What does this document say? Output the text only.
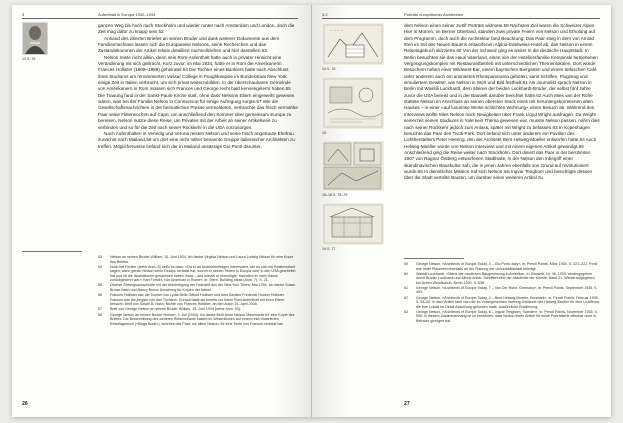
3	Aufenthalt in Europa 1932–1934
13 S. 76

ganzen Weg bis hoch nach Stockholm und wieder runter nach Amsterdam und London, doch die Zeit mag dafür zu knapp sein.52

Anhand des zitierten Briefes an seinen Bruder und dank weiterer Dokumente aus dem Familiennachlass lassen sich die Europareise Nelsons, seine Recherchen und das Zustandekommen der Artikel relativ detailliert nachvollziehen und hier darstellen.53

Nelson reiste nicht allein, denn sein Rom-Aufenthalt hatte auch in privater Hinsicht eine Veränderung mit sich gebracht. Kurz zuvor, im Mai 1934, hatte er in Rom die Amerikanerin Frances Hollister (1909–1989) geheiratet.54 Die Tochter eines Bankiers hatte nach Abschluss ihres Studiums am renommierten Vassar College in Poughkeepsie im Bundesstaat New York einige Zeit in Italien verbracht, um sich privat weiterzubilden. In der überschaubaren Gemeinde von Amerikanern in Rom müssen sich Frances und George recht bald kennengelernt haben.55 Die Trauung fand in der Sankt-Pauls-Kirche statt, ohne dass Nelsons Eltern eingeweiht gewesen wären, was bei der Familie Nelson in Connecticut für einige Aufregung sorgte.57 Wie die Gesellschaftsnachrichten in der heimatlichen Presse vermeldeten, verbrachte das frisch vermählte Paar seine Flitterwochen auf Capri, um anschließend den Sommer über gemeinsam Europa zu bereisen. Nelson nutzte diese Reise, um Privates mit der Arbeit an seiner Artikelserie zu verbinden und so für die Zeit nach seiner Rückkehr in die USA vorzusorgen.

Nach Aufenthalten in Venedig und Verona reisten Nelson und seine frisch angetraute Ehefrau zunächst nach Mailand,58 um dort eine nicht näher benannte Gruppe italienischer Architekten zu treffen. Möglicherweise befand sich der in Mailand ansässige Gio Ponti darunter,

53	Nelson an seinen Bruder William, 15. Juni 1934. Ich danke Virginia Nelson und Laura Ludwig Nelson für eine Kopie des Briefes.
54	Noch bei Forster (siehe Anm. 8) heißt es dazu: »Da er an Architekturfragen interessiert, wie es sich mit Bestimmtheit sagen, wann genau Nelson seine Essays verfasst hat, wovon er seinen Texten in Europa oder in den USA gearbeitet hat und ob die Illustrationen gesammelt haben muss – und wieviel er hinzufügte, nachdem er nach Hause zurückgekehrt war.« Karl Forster, »An American in Rome«, in: Stern, Building Ideas (Anm. 7), S. 21.
55	Diverse Zeitungsausschnitte mit der Ankündigung der Hochzeit aus der New York Times, Mai 1934. Ich danke Susan Brown Nash und Nancy Brown Armstrong für Kopien der Artikel.
56	Frances Hollister war die Tochter von Lydia Belle Gifford Hollister und dem Bankier Frederick Hooker Hollister. Frances war die jüngste von drei Töchtern. Europa hatte sie bereits vor ihrem Rom-Aufenthalt mit ihren Eltern besucht. Brief von Susan B. Nash, Nichte von Frances Hollister, an den Autor, 21. April 2008.
57	Brief von George Nelson an seinen Bruder William, 15. Juni 1934 (siehe Anm. 53).
58	George Nelson an seinen Bruder Norbert, 3. Juli [1934]. Ich danke Beth Anne Nelson Maserowitz für eine Kopie des Briefes. Die Beschreibung des weiteren Reiseverlaufs basiert im Wesentlichen auf einem reich illustrierten Reisetagebuch (»Blogs Book«), welches das Paar, vor allem Nelson, für eine Tante von Frances verfasst hat.
26
3.2	Porträts europäischer Architekten
~ ~ ~ ~
14 S. 76
15
16–18 S. 78–79
19 S. 77

dem Nelson einen seiner zwölf Porträts widmete.59 Nächstes Ziel waren die Schweizer Alpen. Hier in Mürren, im Berner Oberland, standen zwei private Feiern von Nelson und Erholung auf dem Programm, doch auch die Architektur fand Beachtung: Das Paar stieg in dem von Arnold Itten im Stil des Neuen Bauens entworfenen Alpina-Edelweiss-Hotel ab, das Nelson in einem Reisetagebuch skizzierte.60 Von der Schweiz ging es weiter in die deutsche Hauptstadt. In Berlin besuchten sie das Haus Vaterland, einen von der Hoteliersfamilie Kempinski betriebenen Vergnügungskomplex mit Restaurantbetrieb mit unterschiedlichen Themenlokalen. Dort wurde Besuchern neben einer Wildwest-Bar, einem bayrischen Biergarten und einem türkischen Café unter anderem auch ein animiertes Rheinpanorama geboten, samt Schiffen, Flugzeug und simuliertem Gewitter, wie Nelson in Wort und Bild festhielt.61 Als Journalist sprach Nelson in Berlin mit Wassili Luckhardt, dem älteren der beiden Luckhardt-Brüder, der selbst fünf Jahre zuvor die USA bereist und in der Bauwelt darüber berichtet hatte.62 Auch Mies van der Rohe stattete Nelson im Anschluss an seinen obersten Stock eines mit heruntergekommenen alten Hauses – in einer »auf luxuriöse Weise schlichten Wohnung« einen Besuch ab. Während des Interviews wollte Mies Nelson nach Neuigkeiten über Frank Lloyd Wright ausfragen. Da Wright seinerzeit seines Studiums in Yale kein Thema gewesen war, musste Nelson passen, nahm dies nach seiner Rückkehr jedoch zum Anlass, später mit Wright zu befassen.63 In Kopenhagen besuchte das Paar den Tivoli-Park. Dort befand sich unter anderem ein Pavillon des Lichtherstellers Peter Heering, den der Architekt Bent Helweg-Moeller entworfen hatte.64 Auch Helweg-Moeller wurde von Nelson interviewt und mit einem eigenen Artikel gewürdigt.65 Anschließend ging die Reise weiter nach Stockholm. Dort diniert das Paar in der berühmten 1907 von Ragnar Östberg entworfenen Stadthalle, in der Nelson den Inbegriff einer skandinavischen Bauskultur sah, die in jenen Jahren ebenfalls von Grund auf revolutioniert wurde.66 In dienstlicher Mission traf sich Nelson mit Ingvar Tengbom und besichtigte dessen über die Stadt verteilte Bauten, um darüber einen weiteren Artikel zu

59	George Nelson, »Architects of Europe Today, 4 – Gio Ponti, Italy«, in: Pencil Points, März 1935, S. 221–222. Ponti war unter Placentini ebenfalls an der Planung der Universitätsstadt beteiligt.
60	Wassili Luckhardt, »Stand der modernen Baugesinnung in Amerika«, in: Bauwelt, Nr. 46, 1929, wiedergegeben durch Brüder Luckhardt und Alfons Anker. Schriftenreihe der Akademie der Künste. Band 21. Wiederaufgegeben bei Achim Wendschuh, Berlin 1990, S. 63ff.
61	George Nelson, »Architects of Europe Today, 7 – Van Der Rohe, Germany«, in: Pencil Points, September 1935, S. 453.
62	George Nelson, »Architects of Europe Today, 2 – Bent Helweg-Moeller, Denmark«, in: Pencil Points, Februar 1935, S. 54–62. In dem Artikel fand sich der im Vorangehenden Heering-Gebäude des Helweg-Moeller für eine Lichtfirma, die ihre Lokale im Detail Asstellung gefunden hatte, ausführliche Erwähnung.
63	George Nelson, »Architects of Europe Today, 6 – Ingvar Tengbom, Sweden«, in: Pencil Points, November 1935, S. 596. In diesem Zusammenhang ist zu erwähnen, dass Nelson einen Artikel für seine Porträtserie offenbar nicht in Betracht gezogen hat.
27
